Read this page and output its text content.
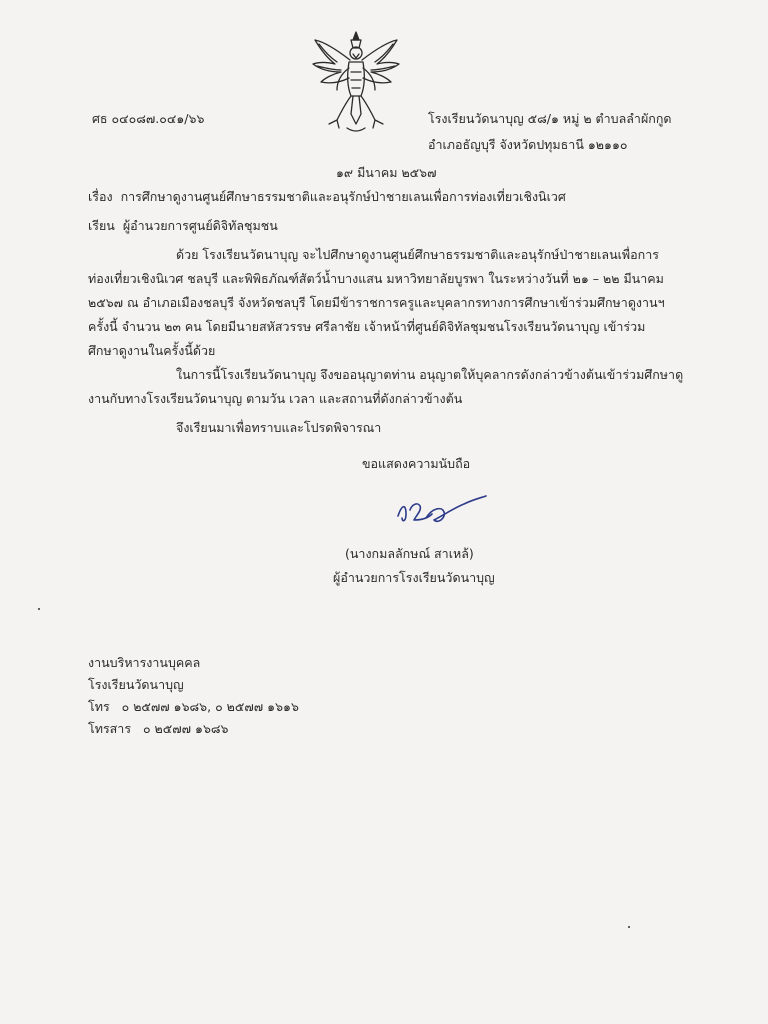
ศธ ๐๔๐๘๗.๐๔๑/๖๖	โรงเรียนวัดนาบุญ ๕๘/๑ หมู่ ๒ ตำบลลำผักกูด
อำเภอธัญบุรี จังหวัดปทุมธานี ๑๒๑๑๐
๑๙ มีนาคม ๒๕๖๗
เรื่อง การศึกษาดูงานศูนย์ศึกษาธรรมชาติและอนุรักษ์ป่าชายเลนเพื่อการท่องเที่ยวเชิงนิเวศ
เรียน ผู้อำนวยการศูนย์ดิจิทัลชุมชน
ด้วย โรงเรียนวัดนาบุญ จะไปศึกษาดูงานศูนย์ศึกษาธรรมชาติและอนุรักษ์ป่าชายเลนเพื่อการ
ท่องเที่ยวเชิงนิเวศ ชลบุรี และพิพิธภัณฑ์สัตว์น้ำบางแสน มหาวิทยาลัยบูรพา ในระหว่างวันที่ ๒๑ – ๒๒ มีนาคม
๒๕๖๗ ณ อำเภอเมืองชลบุรี จังหวัดชลบุรี โดยมีข้าราชการครูและบุคลากรทางการศึกษาเข้าร่วมศึกษาดูงานฯ
ครั้งนี้ จำนวน ๒๓ คน โดยมีนายสหัสวรรษ ศรีลาชัย เจ้าหน้าที่ศูนย์ดิจิทัลชุมชนโรงเรียนวัดนาบุญ เข้าร่วม
ศึกษาดูงานในครั้งนี้ด้วย
ในการนี้โรงเรียนวัดนาบุญ จึงขออนุญาตท่าน อนุญาตให้บุคลากรดังกล่าวข้างต้นเข้าร่วมศึกษาดู
งานกับทางโรงเรียนวัดนาบุญ ตามวัน เวลา และสถานที่ดังกล่าวข้างต้น
จึงเรียนมาเพื่อทราบและโปรดพิจารณา
ขอแสดงความนับถือ
(นางกมลลักษณ์ สาเหล้)
ผู้อำนวยการโรงเรียนวัดนาบุญ
งานบริหารงานบุคคล
โรงเรียนวัดนาบุญ
โทร ๐ ๒๕๗๗ ๑๖๘๖, ๐ ๒๕๗๗ ๑๖๑๖
โทรสาร ๐ ๒๕๗๗ ๑๖๘๖
